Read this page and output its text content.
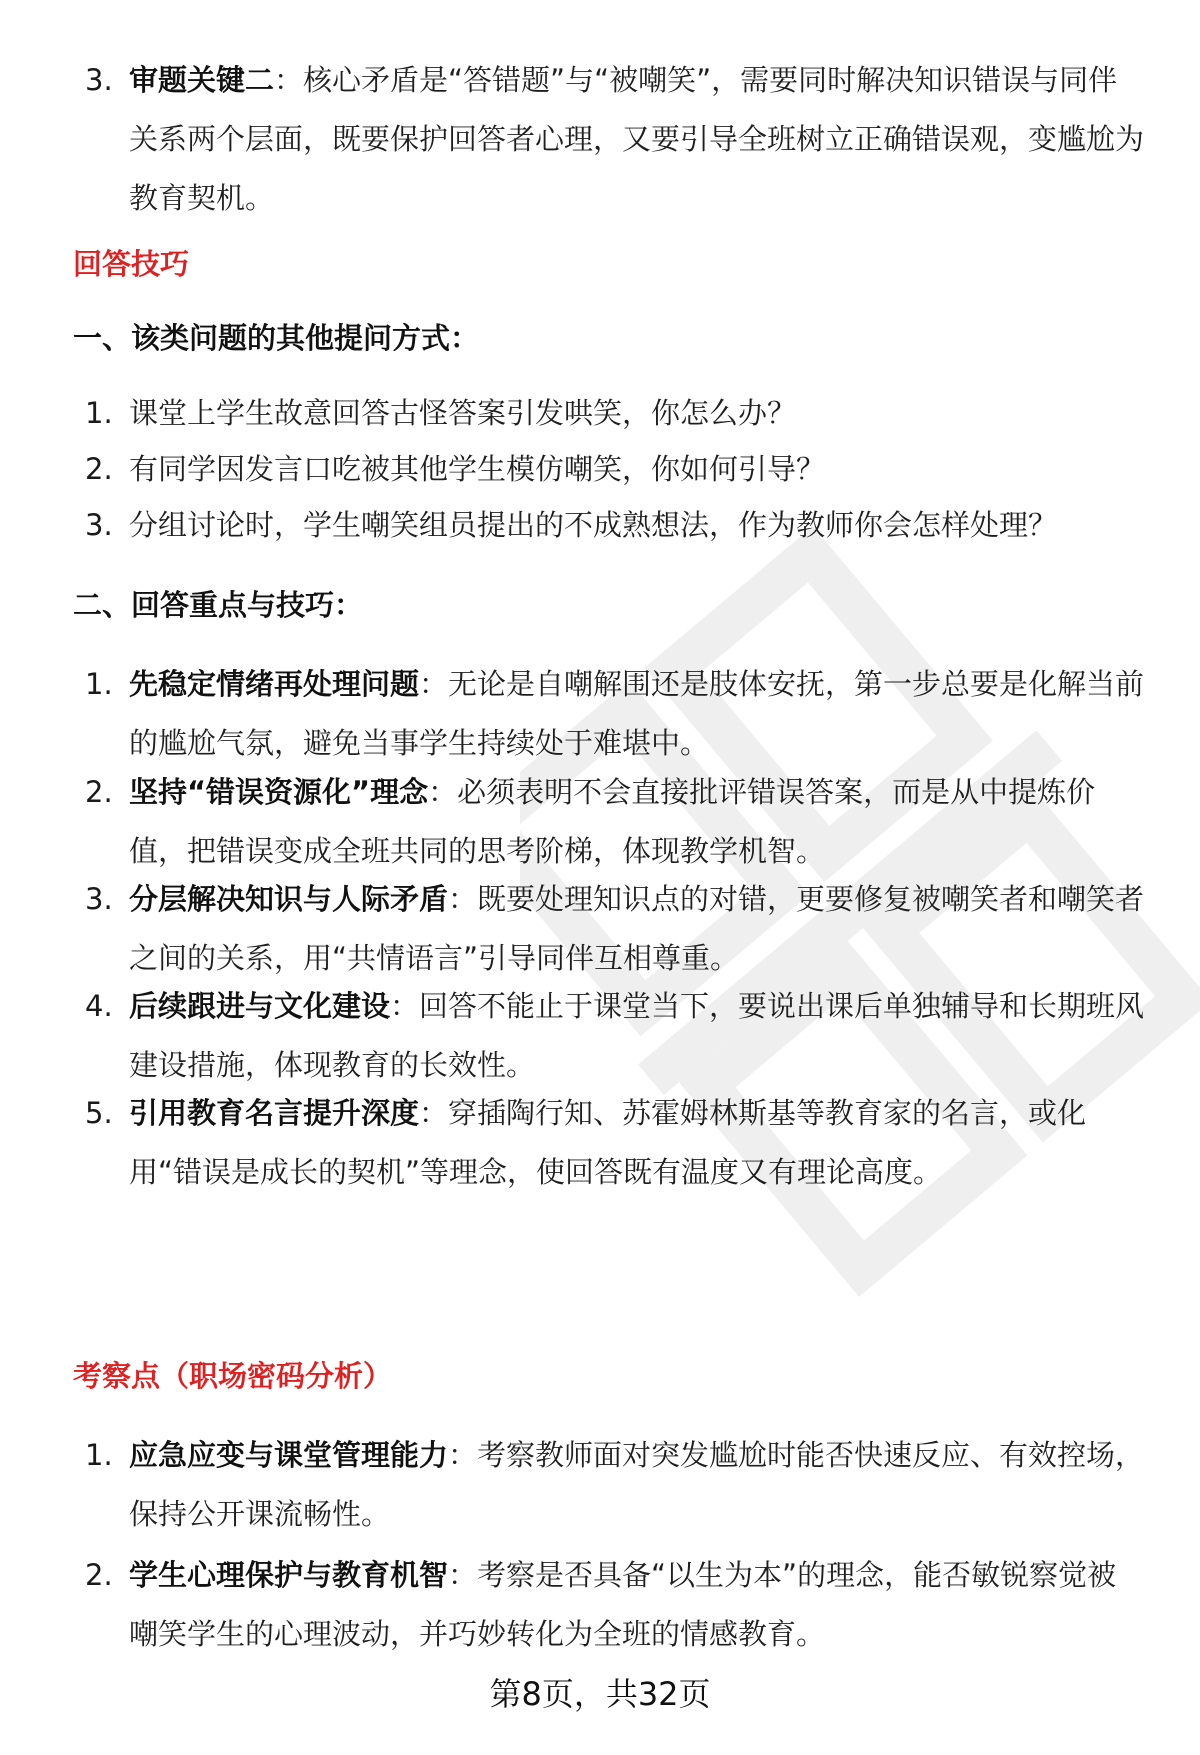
3. 审题关键二：核心矛盾是“答错题”与“被嘲笑”，需要同时解决知识错误与同伴关系两个层面，既要保护回答者心理，又要引导全班树立正确错误观，变尴尬为教育契机。
回答技巧
一、该类问题的其他提问方式：
1. 课堂上学生故意回答古怪答案引发哄笑，你怎么办？
2. 有同学因发言口吃被其他学生模仿嘲笑，你如何引导？
3. 分组讨论时，学生嘲笑组员提出的不成熟想法，作为教师你会怎样处理？
二、回答重点与技巧：
1. 先稳定情绪再处理问题：无论是自嘲解围还是肢体安抚，第一步总要是化解当前的尴尬气氛，避免当事学生持续处于难堪中。
2. 坚持“错误资源化”理念：必须表明不会直接批评错误答案，而是从中提炼价值，把错误变成全班共同的思考阶梯，体现教学机智。
3. 分层解决知识与人际矛盾：既要处理知识点的对错，更要修复被嘲笑者和嘲笑者之间的关系，用“共情语言”引导同伴互相尊重。
4. 后续跟进与文化建设：回答不能止于课堂当下，要说出课后单独辅导和长期班风建设措施，体现教育的长效性。
5. 引用教育名言提升深度：穿插陶行知、苏霍姆林斯基等教育家的名言，或化用“错误是成长的契机”等理念，使回答既有温度又有理论高度。
考察点（职场密码分析）
1. 应急应变与课堂管理能力：考察教师面对突发尴尬时能否快速反应、有效控场，保持公开课流畅性。
2. 学生心理保护与教育机智：考察是否具备“以生为本”的理念，能否敏锐察觉被嘲笑学生的心理波动，并巧妙转化为全班的情感教育。
第8页，共32页
